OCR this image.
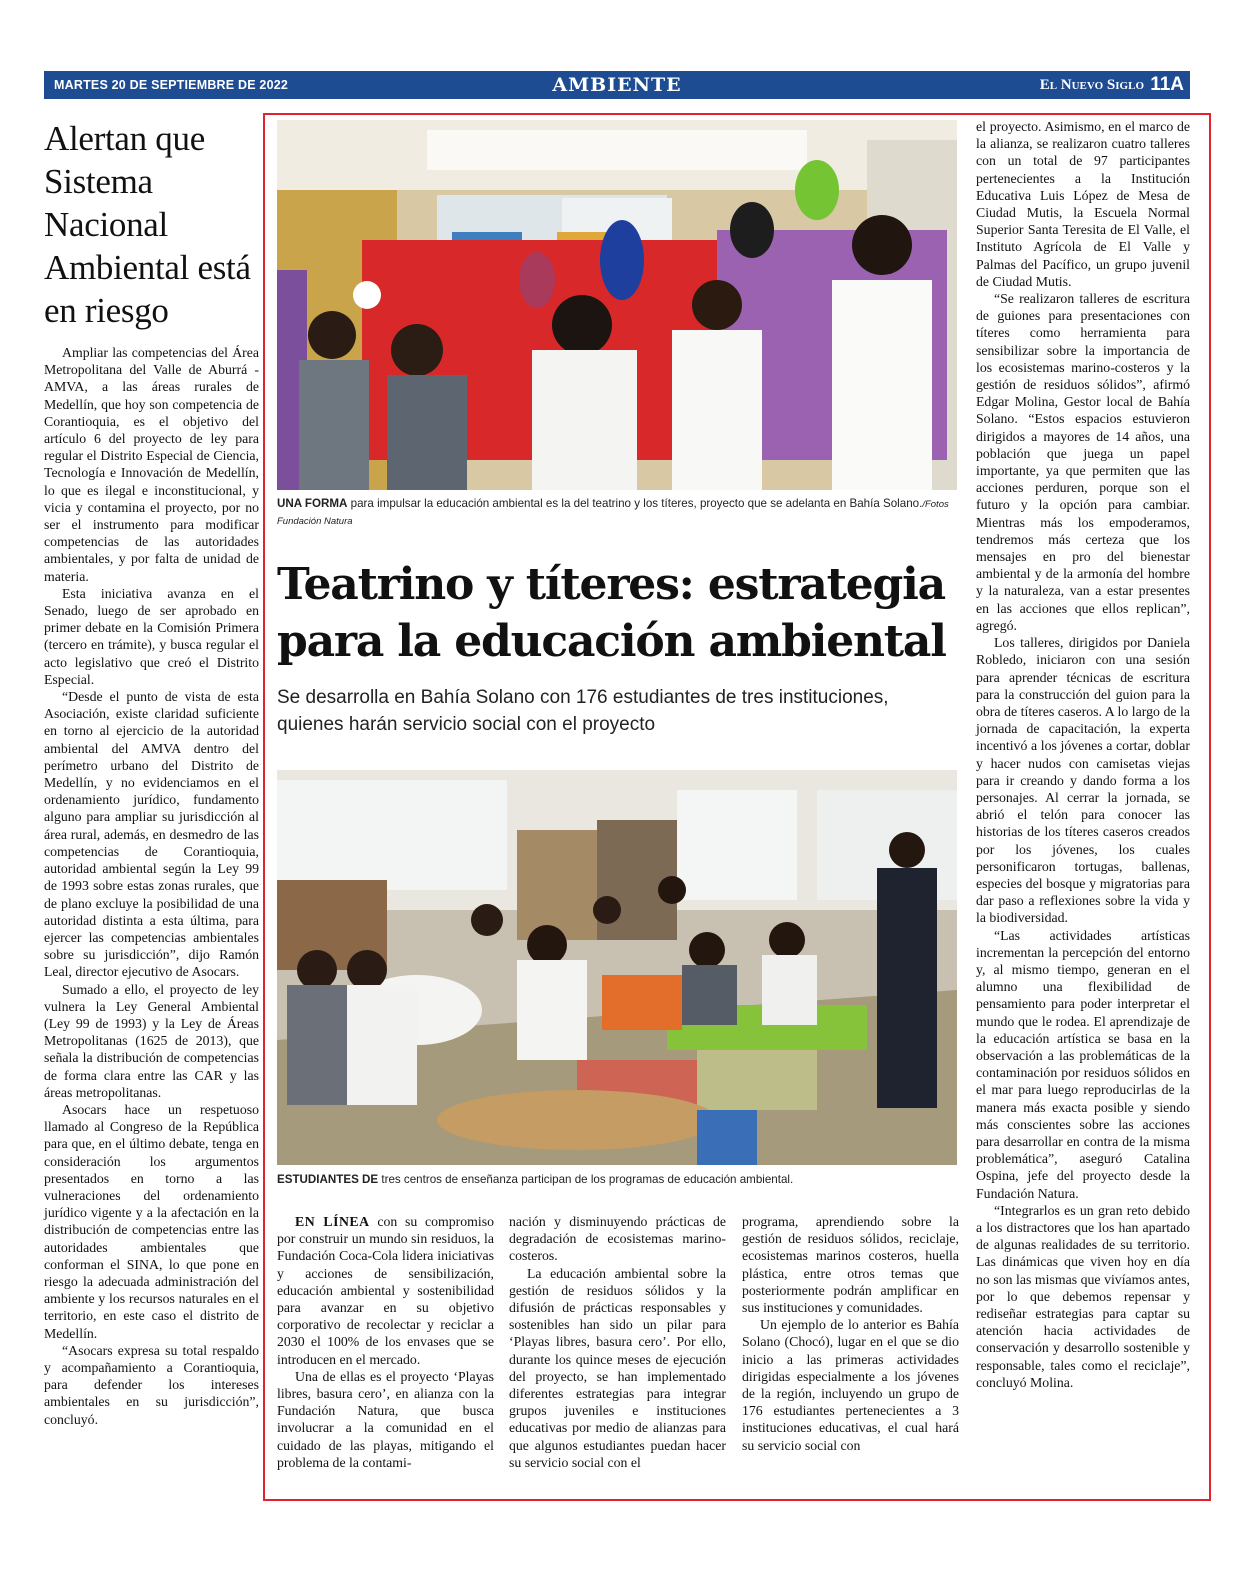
MARTES 20 DE SEPTIEMBRE DE 2022	AMBIENTE	El Nuevo Siglo 11A
Alertan que Sistema Nacional Ambiental está en riesgo

Ampliar las competencias del Área Metropolitana del Valle de Aburrá -AMVA, a las áreas rurales de Medellín, que hoy son competencia de Corantioquia, es el objetivo del artículo 6 del proyecto de ley para regular el Distrito Especial de Ciencia, Tecnología e Innovación de Medellín, lo que es ilegal e inconstitucional, y vicia y contamina el proyecto, por no ser el instrumento para modificar competencias de las autoridades ambientales, y por falta de unidad de materia.

Esta iniciativa avanza en el Senado, luego de ser aprobado en primer debate en la Comisión Primera (tercero en trámite), y busca regular el acto legislativo que creó el Distrito Especial.

“Desde el punto de vista de esta Asociación, existe claridad suficiente en torno al ejercicio de la autoridad ambiental del AMVA dentro del perímetro urbano del Distrito de Medellín, y no evidenciamos en el ordenamiento jurídico, fundamento alguno para ampliar su jurisdicción al área rural, además, en desmedro de las competencias de Corantioquia, autoridad ambiental según la Ley 99 de 1993 sobre estas zonas rurales, que de plano excluye la posibilidad de una autoridad distinta a esta última, para ejercer las competencias ambientales sobre su jurisdicción”, dijo Ramón Leal, director ejecutivo de Asocars.

Sumado a ello, el proyecto de ley vulnera la Ley General Ambiental (Ley 99 de 1993) y la Ley de Áreas Metropolitanas (1625 de 2013), que señala la distribución de competencias de forma clara entre las CAR y las áreas metropolitanas.

Asocars hace un respetuoso llamado al Congreso de la República para que, en el último debate, tenga en consideración los argumentos presentados en torno a las vulneraciones del ordenamiento jurídico vigente y a la afectación en la distribución de competencias entre las autoridades ambientales que conforman el SINA, lo que pone en riesgo la adecuada administración del ambiente y los recursos naturales en el territorio, en este caso el distrito de Medellín.

“Asocars expresa su total respaldo y acompañamiento a Corantioquia, para defender los intereses ambientales en su jurisdicción”, concluyó.

UNA FORMA para impulsar la educación ambiental es la del teatrino y los títeres, proyecto que se adelanta en Bahía Solano./Fotos Fundación Natura
Teatrino y títeres: estrategia para la educación ambiental
Se desarrolla en Bahía Solano con 176 estudiantes de tres instituciones, quienes harán servicio social con el proyecto
ESTUDIANTES DE tres centros de enseñanza participan de los programas de educación ambiental.

EN LÍNEA con su compromiso por construir un mundo sin residuos, la Fundación Coca-Cola lidera iniciativas y acciones de sensibilización, educación ambiental y sostenibilidad para avanzar en su objetivo corporativo de recolectar y reciclar a 2030 el 100% de los envases que se introducen en el mercado.

Una de ellas es el proyecto ‘Playas libres, basura cero’, en alianza con la Fundación Natura, que busca involucrar a la comunidad en el cuidado de las playas, mitigando el problema de la contami-

nación y disminuyendo prácticas de degradación de ecosistemas marino-costeros.

La educación ambiental sobre la gestión de residuos sólidos y la difusión de prácticas responsables y sostenibles han sido un pilar para ‘Playas libres, basura cero’. Por ello, durante los quince meses de ejecución del proyecto, se han implementado diferentes estrategias para integrar grupos juveniles e instituciones educativas por medio de alianzas para que algunos estudiantes puedan hacer su servicio social con el

programa, aprendiendo sobre la gestión de residuos sólidos, reciclaje, ecosistemas marinos costeros, huella plástica, entre otros temas que posteriormente podrán amplificar en sus instituciones y comunidades.

Un ejemplo de lo anterior es Bahía Solano (Chocó), lugar en el que se dio inicio a las primeras actividades dirigidas especialmente a los jóvenes de la región, incluyendo un grupo de 176 estudiantes pertenecientes a 3 instituciones educativas, el cual hará su servicio social con

el proyecto. Asimismo, en el marco de la alianza, se realizaron cuatro talleres con un total de 97 participantes pertenecientes a la Institución Educativa Luis López de Mesa de Ciudad Mutis, la Escuela Normal Superior Santa Teresita de El Valle, el Instituto Agrícola de El Valle y Palmas del Pacífico, un grupo juvenil de Ciudad Mutis.

“Se realizaron talleres de escritura de guiones para presentaciones con títeres como herramienta para sensibilizar sobre la importancia de los ecosistemas marino-costeros y la gestión de residuos sólidos”, afirmó Edgar Molina, Gestor local de Bahía Solano. “Estos espacios estuvieron dirigidos a mayores de 14 años, una población que juega un papel importante, ya que permiten que las acciones perduren, porque son el futuro y la opción para cambiar. Mientras más los empoderamos, tendremos más certeza que los mensajes en pro del bienestar ambiental y de la armonía del hombre y la naturaleza, van a estar presentes en las acciones que ellos replican”, agregó.

Los talleres, dirigidos por Daniela Robledo, iniciaron con una sesión para aprender técnicas de escritura para la construcción del guion para la obra de títeres caseros. A lo largo de la jornada de capacitación, la experta incentivó a los jóvenes a cortar, doblar y hacer nudos con camisetas viejas para ir creando y dando forma a los personajes. Al cerrar la jornada, se abrió el telón para conocer las historias de los títeres caseros creados por los jóvenes, los cuales personificaron tortugas, ballenas, especies del bosque y migratorias para dar paso a reflexiones sobre la vida y la biodiversidad.

“Las actividades artísticas incrementan la percepción del entorno y, al mismo tiempo, generan en el alumno una flexibilidad de pensamiento para poder interpretar el mundo que le rodea. El aprendizaje de la educación artística se basa en la observación a las problemáticas de la contaminación por residuos sólidos en el mar para luego reproducirlas de la manera más exacta posible y siendo más conscientes sobre las acciones para desarrollar en contra de la misma problemática”, aseguró Catalina Ospina, jefe del proyecto desde la Fundación Natura.

“Integrarlos es un gran reto debido a los distractores que los han apartado de algunas realidades de su territorio. Las dinámicas que viven hoy en día no son las mismas que vivíamos antes, por lo que debemos repensar y rediseñar estrategias para captar su atención hacia actividades de conservación y desarrollo sostenible y responsable, tales como el reciclaje”, concluyó Molina.
